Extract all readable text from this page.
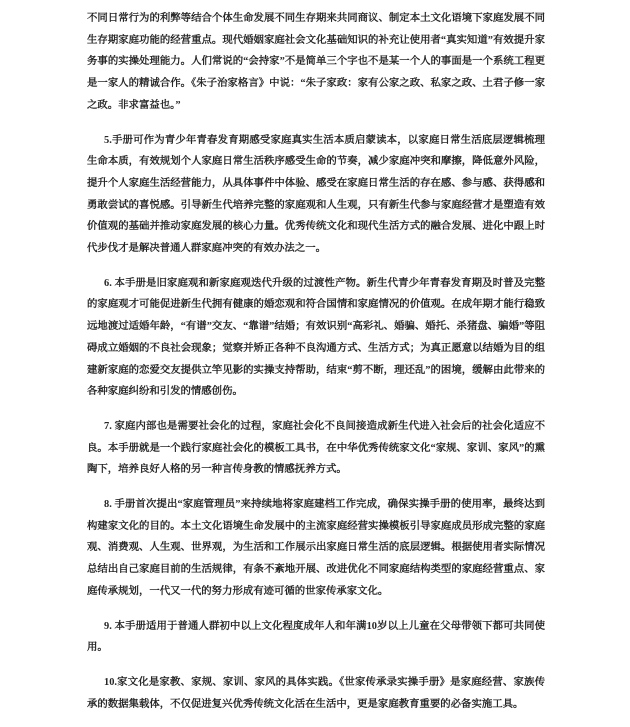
不同日常行为的利弊等结合个体生命发展不同生存期来共同商议、制定本土文化语境下家庭发展不同生存期家庭功能的经营重点。现代婚姻家庭社会文化基础知识的补充让使用者“真实知道”有效提升家务事的实操处理能力。人们常说的“会持家”不是简单三个字也不是某一个人的事面是一个系统工程更是一家人的精诚合作。《朱子治家格言》中说：“朱子家政：家有公家之政、私家之政、土君子修一家之政。非求富益也。”

5.手册可作为青少年青春发育期感受家庭真实生活本质启蒙读本，以家庭日常生活底层逻辑梳理生命本质，有效规划个人家庭日常生活秩序感受生命的节奏，减少家庭冲突和摩擦，降低意外风险，提升个人家庭生活经营能力，从具体事件中体验、感受在家庭日常生活的存在感、参与感、获得感和勇敢尝试的喜悦感。引导新生代培养完整的家庭观和人生观，只有新生代参与家庭经营才是塑造有效价值观的基础并推动家庭发展的核心力量。优秀传统文化和现代生活方式的融合发展、进化中跟上时代步伐才是解决普通人群家庭冲突的有效办法之一。

6. 本手册是旧家庭观和新家庭观迭代升级的过渡性产物。新生代青少年青春发育期及时普及完整的家庭观才可能促进新生代拥有健康的婚恋观和符合国情和家庭情况的价值观。在成年期才能行稳致远地渡过适婚年龄，“有谱”交友、“靠谱”结婚；有效识别“高彩礼、婚骗、婚托、杀猪盘、骗婚”等阻碍成立婚姻的不良社会现象；觉察并矫正各种不良沟通方式、生活方式；为真正愿意以结婚为目的组建新家庭的恋爱交友提供立竿见影的实操支持帮助，结束“剪不断，理还乱”的困境，缓解由此带来的各种家庭纠纷和引发的情感创伤。

7. 家庭内部也是需要社会化的过程，家庭社会化不良间接造成新生代进入社会后的社会化适应不良。本手册就是一个践行家庭社会化的模板工具书，在中华优秀传统家文化“家规、家训、家风”的熏陶下，培养良好人格的另一种言传身教的情感抚养方式。

8. 手册首次提出“家庭管理员”来持续地将家庭建档工作完成，确保实操手册的使用率，最终达到构建家文化的目的。本土文化语境生命发展中的主流家庭经营实操模板引导家庭成员形成完整的家庭观、消费观、人生观、世界观，为生活和工作展示出家庭日常生活的底层逻辑。根据使用者实际情况总结出自己家庭目前的生活规律，有条不紊地开展、改进优化不同家庭结构类型的家庭经营重点、家庭传承规划，一代又一代的努力形成有迹可循的世家传承家文化。

9. 本手册适用于普通人群初中以上文化程度成年人和年满10岁以上儿童在父母带领下都可共同使用。

10.家文化是家教、家规、家训、家风的具体实践。《世家传承录实操手册》是家庭经营、家族传承的数据集载体，不仅促进复兴优秀传统文化活在生活中，更是家庭教育重要的必备实施工具。
